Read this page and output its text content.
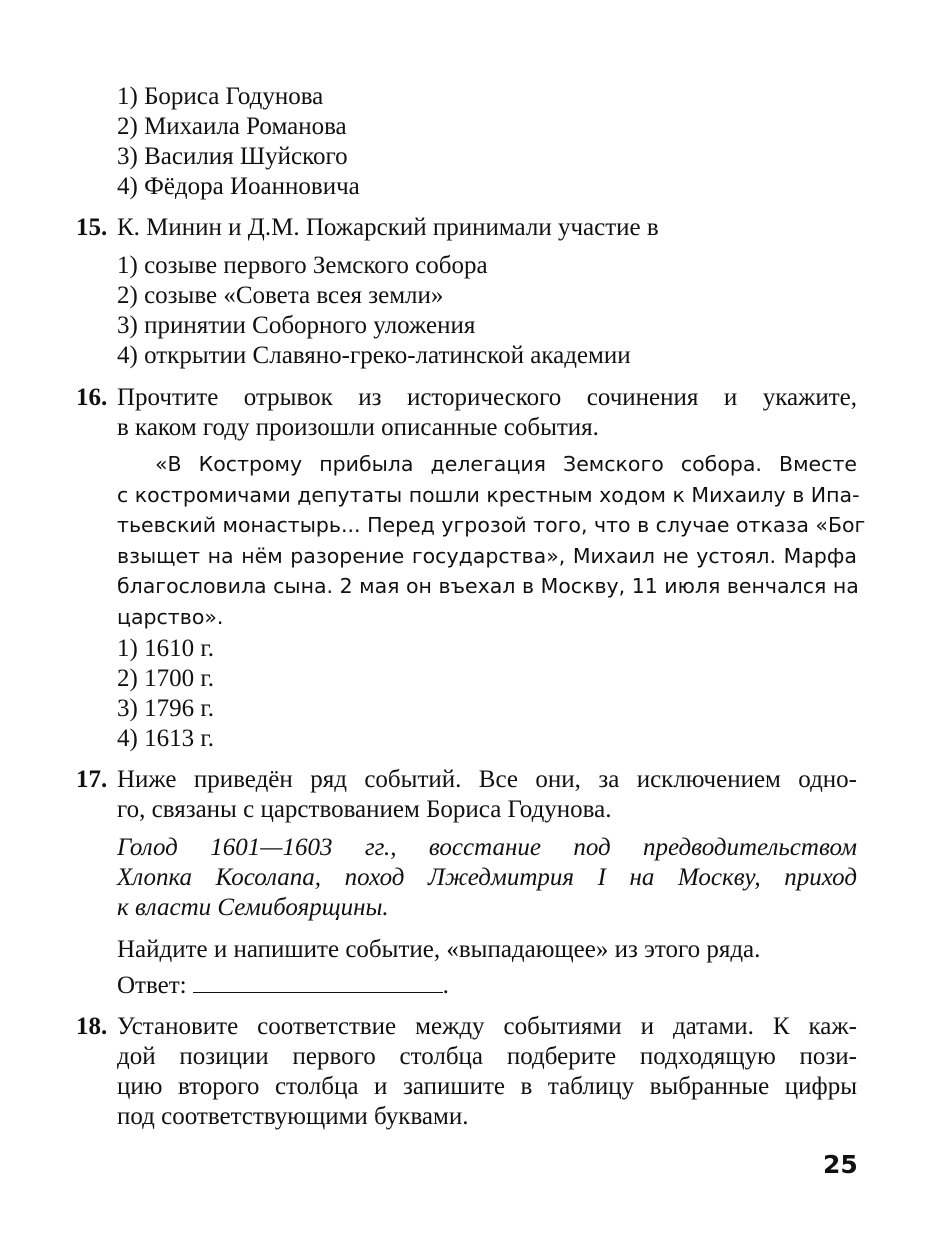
1) Бориса Годунова
2) Михаила Романова
3) Василия Шуйского
4) Фёдора Иоанновича
15. К. Минин и Д.М. Пожарский принимали участие в
1) созыве первого Земского собора
2) созыве «Совета всея земли»
3) принятии Соборного уложения
4) открытии Славяно-греко-латинской академии
16. Прочтите отрывок из исторического сочинения и укажите,
в каком году произошли описанные события.
«В Кострому прибыла делегация Земского собора. Вместе
с костромичами депутаты пошли крестным ходом к Михаилу в Ипа-
тьевский монастырь... Перед угрозой того, что в случае отказа «Бог
взыщет на нём разорение государства», Михаил не устоял. Марфа
благословила сына. 2 мая он въехал в Москву, 11 июля венчался на
царство».
1) 1610 г.
2) 1700 г.
3) 1796 г.
4) 1613 г.
17. Ниже приведён ряд событий. Все они, за исключением одно-
го, связаны с царствованием Бориса Годунова.
Голод 1601—1603 гг., восстание под предводительством
Хлопка Косолапа, поход Лжедмитрия I на Москву, приход
к власти Семибоярщины.
Найдите и напишите событие, «выпадающее» из этого ряда.
Ответ:	.
18. Установите соответствие между событиями и датами. К каж-
дой позиции первого столбца подберите подходящую пози-
цию второго столбца и запишите в таблицу выбранные цифры
под соответствующими буквами.
25
